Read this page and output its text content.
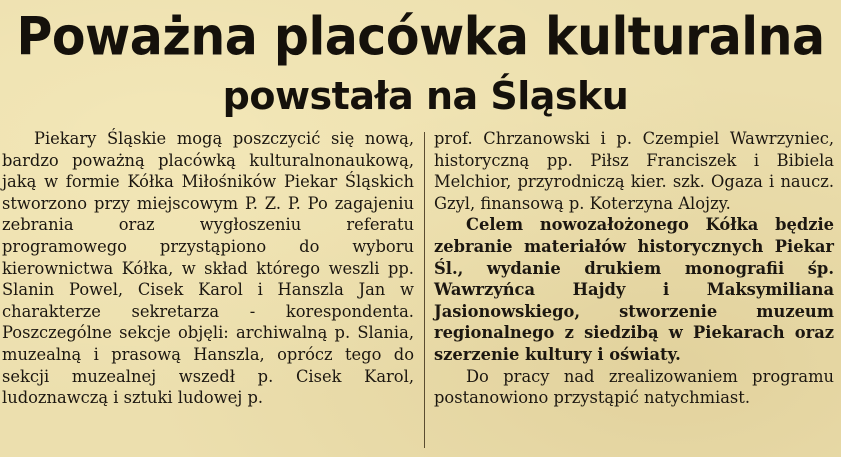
Poważna placówka kulturalna
powstała na Śląsku

Piekary Śląskie mogą poszczycić się nową, bardzo poważną placówką kulturalnonaukową, jaką w formie Kółka Miłośników Piekar Śląskich stworzono przy miejscowym P. Z. P. Po zagajeniu zebrania oraz wygłoszeniu referatu programowego przystąpiono do wyboru kierownictwa Kółka, w skład którego weszli pp. Slanin Powel, Cisek Karol i Hanszla Jan w charakterze sekretarza - korespondenta. Poszczególne sekcje objęli: archiwalną p. Slania, muzealną i prasową Hanszla, oprócz tego do sekcji muzealnej wszedł p. Cisek Karol, ludoznawczą i sztuki ludowej p.

prof. Chrzanowski i p. Czempiel Wawrzyniec, historyczną pp. Piłsz Franciszek i Bibiela Melchior, przyrodniczą kier. szk. Ogaza i naucz. Gzyl, finansową p. Koterzyna Alojzy.

Celem nowozałożonego Kółka będzie zebranie materiałów historycznych Piekar Śl., wydanie drukiem monografii śp. Wawrzyńca Hajdy i Maksymiliana Jasionowskiego, stworzenie muzeum regionalnego z siedzibą w Piekarach oraz szerzenie kultury i oświaty.

Do pracy nad zrealizowaniem programu postanowiono przystąpić natychmiast.
